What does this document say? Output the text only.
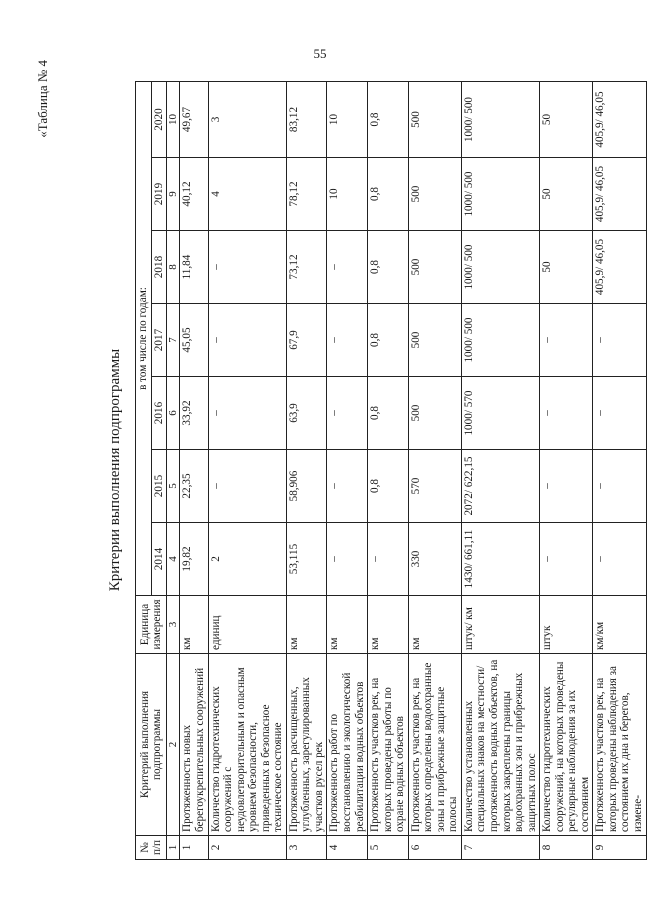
55
«Таблица № 4
Критерии выполнения подпрограммы
№ п/п	Критерий выполнения подпрограммы	Единица измерения	в том числе по годам:						
			2014	2015	2016	2017	2018	2019	2020
1	2	3	4	5	6	7	8	9	10
1	Протяженность новых берегоукрепительных сооружений	км	19,82	22,35	33,92	45,05	11,84	40,12	49,67
2	Количество гидротехнических сооружений с неудовлетворительным и опасным уровнем безопасности, приведенных в безопасное техническое состояние	единиц	2	–	–	–	–	4	3
3	Протяженность расчищенных, углубленных, зарегулированных участков русел рек	км	53,115	58,906	63,9	67,9	73,12	78,12	83,12
4	Протяженность работ по восстановлению и экологической реабилитации водных объектов	км	–	–	–	–	–	10	10
5	Протяженность участков рек, на которых проведены работы по охране водных объектов	км	–	0,8	0,8	0,8	0,8	0,8	0,8
6	Протяженность участков рек, на которых определены водоохранные зоны и прибрежные защитные полосы	км	330	570	500	500	500	500	500
7	Количество установленных специальных знаков на местности/протяженность водных объектов, на которых закреплены границы водоохранных зон и прибрежных защитных полос	штук/ км	1430/ 661,11	2072/ 622,15	1000/ 570	1000/ 500	1000/ 500	1000/ 500	1000/ 500
8	Количество гидротехнических сооружений, на которых проведены регулярные наблюдения за их состоянием	штук	–	–	–	–	50	50	50
9	Протяженность участков рек, на которых проведены наблюдения за состоянием их дна и берегов, измене-	км/км	–	–	–	–	405,9/ 46,05	405,9/ 46,05	405,9/ 46,05
